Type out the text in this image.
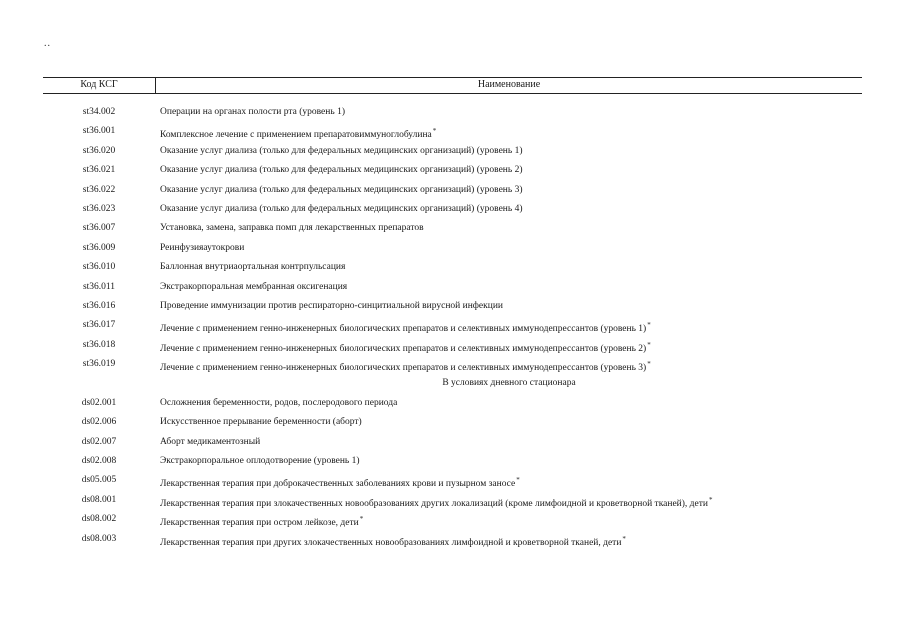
..
Код КСГ	Наименование
st34.002	Операции на органах полости рта (уровень 1)
st36.001	Комплексное лечение с применением препаратовиммуноглобулина*
st36.020	Оказание услуг диализа (только для федеральных медицинских организаций) (уровень 1)
st36.021	Оказание услуг диализа (только для федеральных медицинских организаций) (уровень 2)
st36.022	Оказание услуг диализа (только для федеральных медицинских организаций) (уровень 3)
st36.023	Оказание услуг диализа (только для федеральных медицинских организаций) (уровень 4)
st36.007	Установка, замена, заправка помп для лекарственных препаратов
st36.009	Реинфузияаутокрови
st36.010	Баллонная внутриаортальная контрпульсация
st36.011	Экстракорпоральная мембранная оксигенация
st36.016	Проведение иммунизации против респираторно-синцитиальной вирусной инфекции
st36.017	Лечение с применением генно-инженерных биологических препаратов и селективных иммунодепрессантов (уровень 1)*
st36.018	Лечение с применением генно-инженерных биологических препаратов и селективных иммунодепрессантов (уровень 2)*
st36.019	Лечение с применением генно-инженерных биологических препаратов и селективных иммунодепрессантов (уровень 3)*
В условиях дневного стационара
ds02.001	Осложнения беременности, родов, послеродового периода
ds02.006	Искусственное прерывание беременности (аборт)
ds02.007	Аборт медикаментозный
ds02.008	Экстракорпоральное оплодотворение (уровень 1)
ds05.005	Лекарственная терапия при доброкачественных заболеваниях крови и пузырном заносе*
ds08.001	Лекарственная терапия при злокачественных новообразованиях других локализаций (кроме лимфоидной и кроветворной тканей), дети*
ds08.002	Лекарственная терапия при остром лейкозе, дети*
ds08.003	Лекарственная терапия при других злокачественных новообразованиях лимфоидной и кроветворной тканей, дети*
